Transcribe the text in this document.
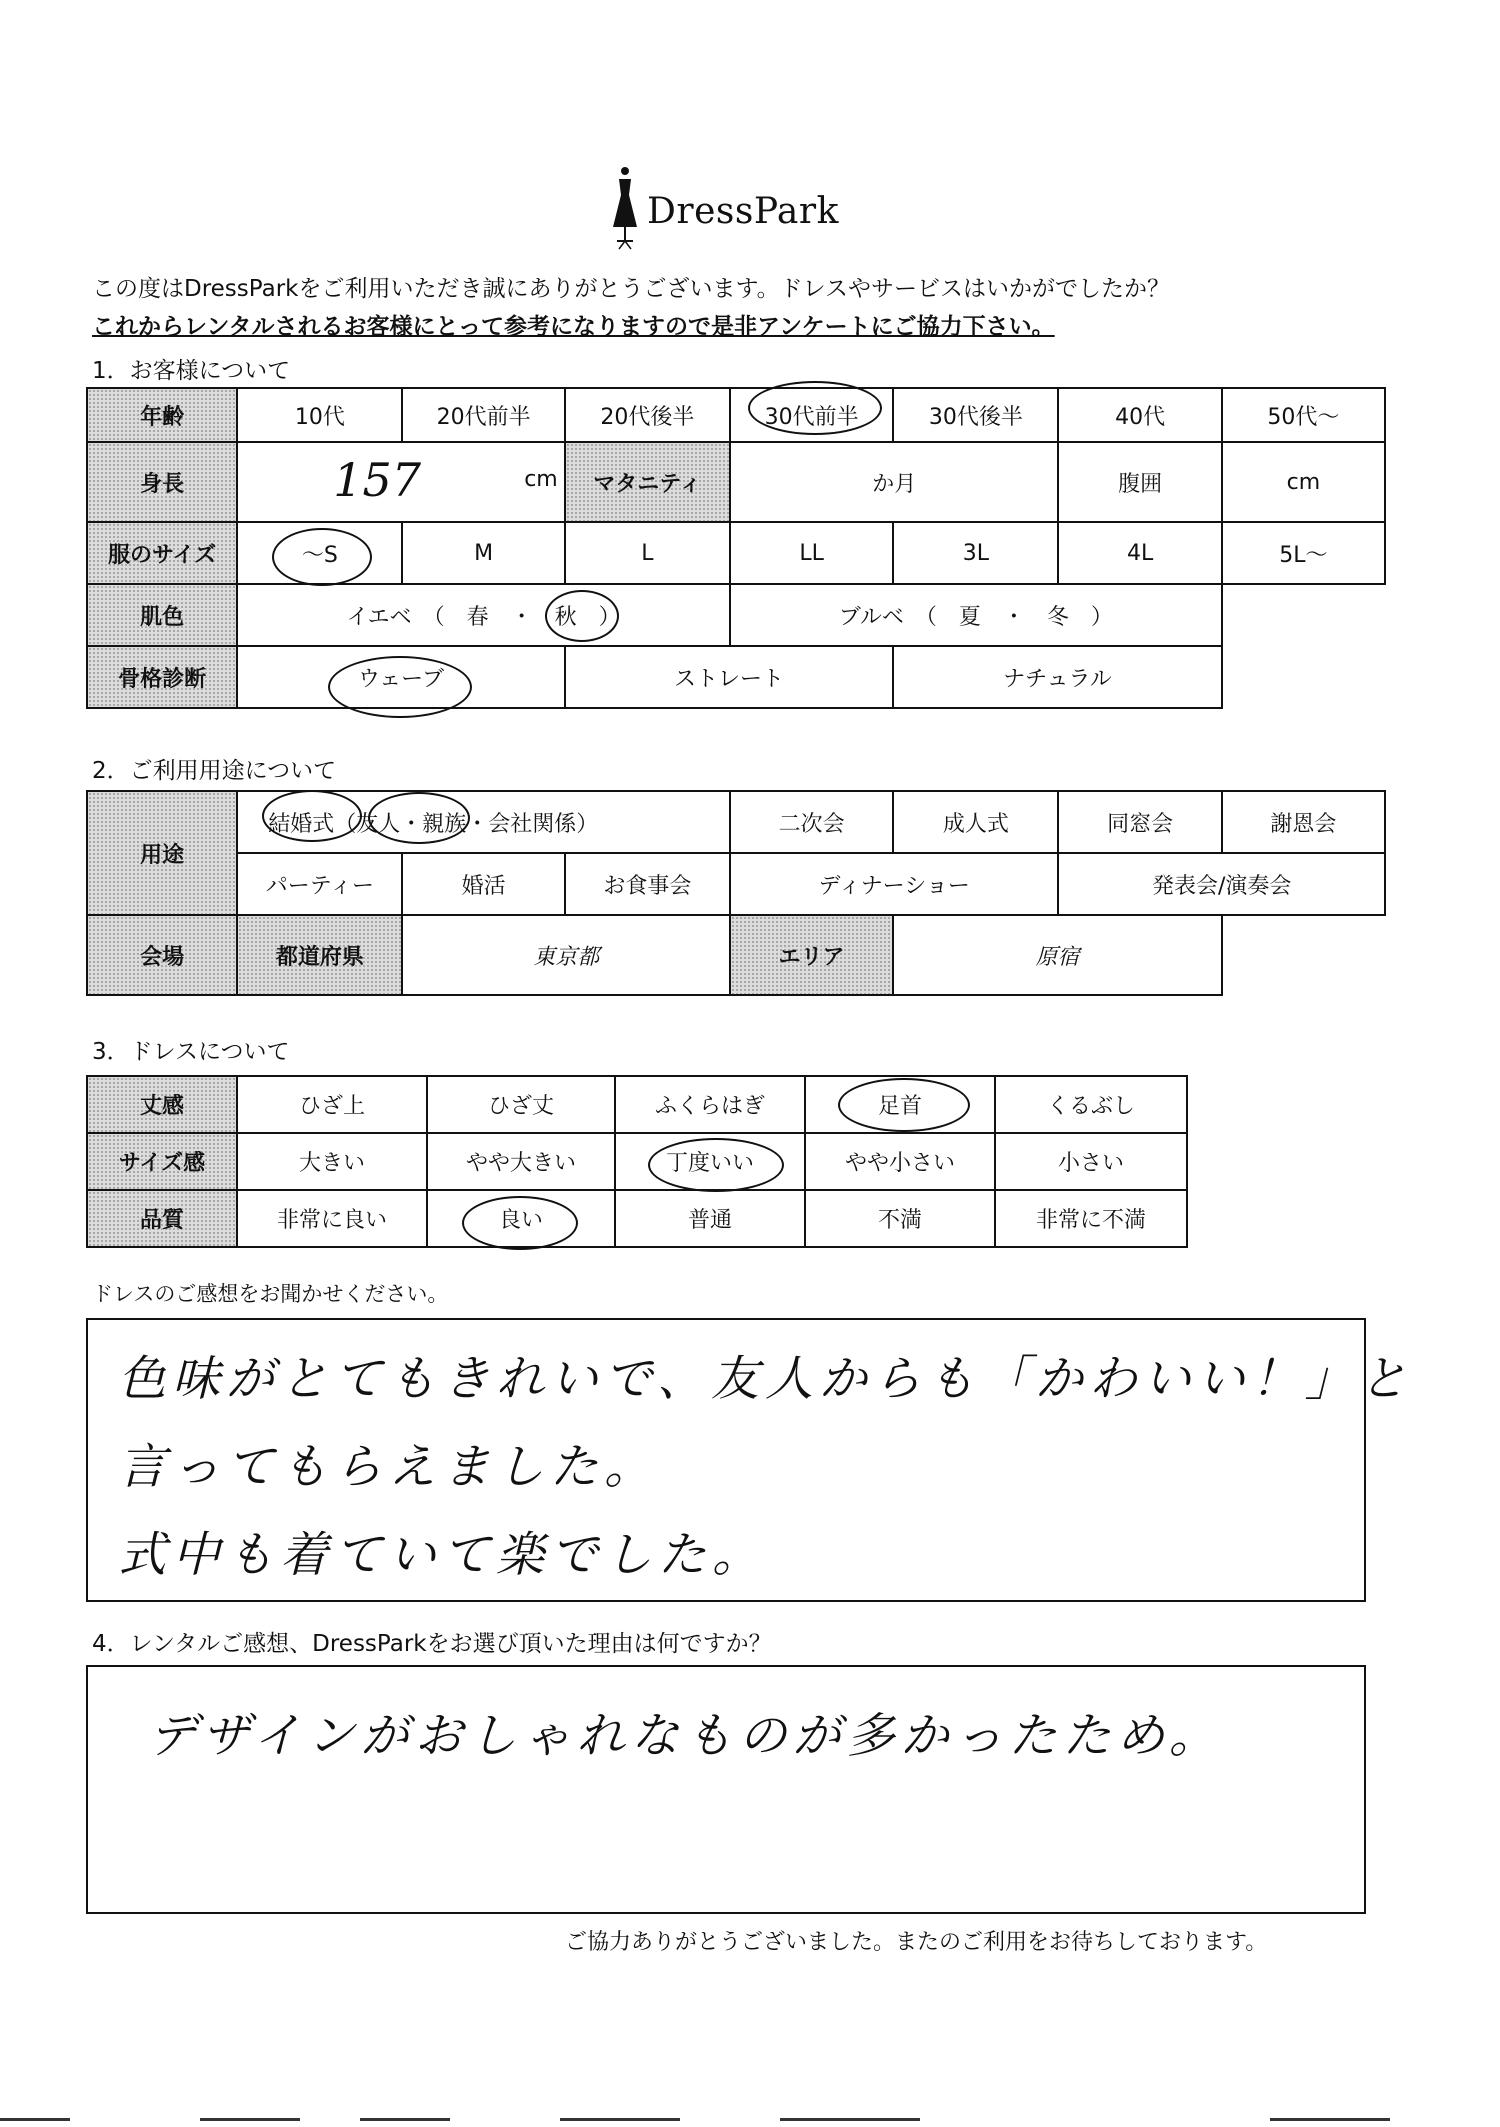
DressPark
この度はDressParkをご利用いただき誠にありがとうございます。ドレスやサービスはいかがでしたか？
これからレンタルされるお客様にとって参考になりますので是非アンケートにご協力下さい。
1．お客様について
年齢	10代	20代前半	20代後半	30代前半	30代後半	40代	50代〜
身長	157 cm		マタニティ	か月		腹囲	cm
服のサイズ	〜S	M	L	LL	3L	4L	5L〜
肌色	イエベ　（　春　・　秋　）			ブルベ　（　夏　・　冬　）			
骨格診断	ウェーブ		ストレート		ナチュラル		
2．ご利用用途について
用途	結婚式（友人・親族・会社関係）			二次会	成人式	同窓会	謝恩会
	パーティー	婚活	お食事会	ディナーショー		発表会/演奏会	
会場	都道府県	東京都		エリア	原宿		
3．ドレスについて
丈感	ひざ上	ひざ丈	ふくらはぎ	足首	くるぶし
サイズ感	大きい	やや大きい	丁度いい	やや小さい	小さい
品質	非常に良い	良い	普通	不満	非常に不満
ドレスのご感想をお聞かせください。
色味がとてもきれいで、友人からも「かわいい！」と
言ってもらえました。
式中も着ていて楽でした。
4．レンタルご感想、DressParkをお選び頂いた理由は何ですか？
デザインがおしゃれなものが多かったため。
ご協力ありがとうございました。またのご利用をお待ちしております。
